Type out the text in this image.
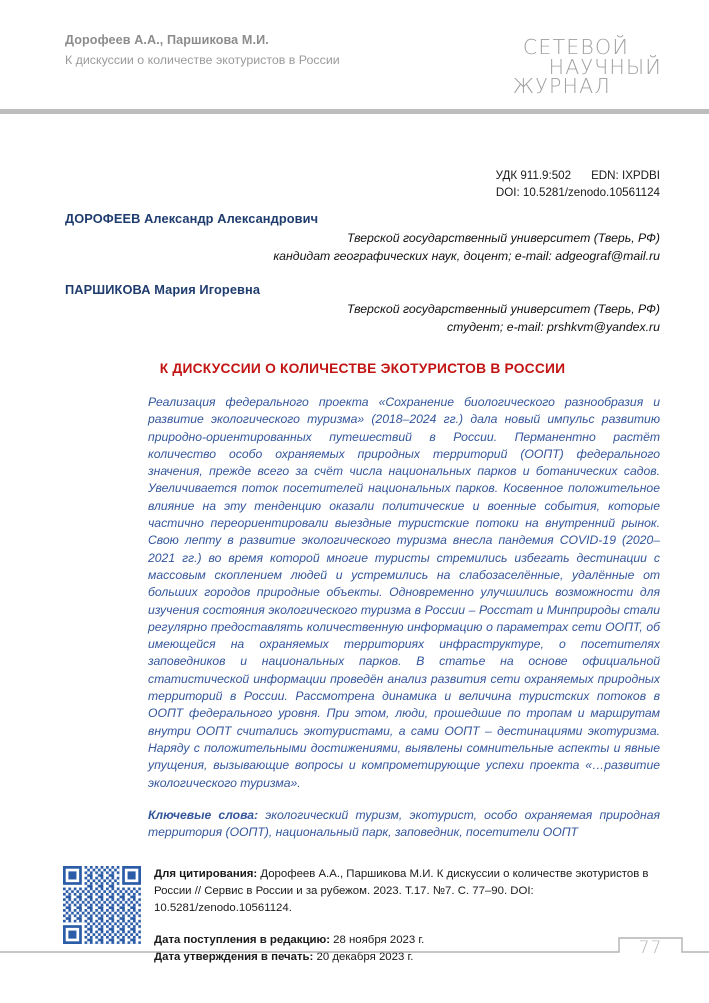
Дорофеев А.А., Паршикова М.И.
К дискуссии о количестве экотуристов в России
СЕТЕВОЙ
НАУЧНЫЙ
ЖУРНАЛ
УДК 911.9:502 EDN: IXPDBI
DOI: 10.5281/zenodo.10561124
ДОРОФЕЕВ Александр Александрович
Тверской государственный университет (Тверь, РФ)
кандидат географических наук, доцент; e-mail: adgeograf@mail.ru
ПАРШИКОВА Мария Игоревна
Тверской государственный университет (Тверь, РФ)
студент; e-mail: prshkvm@yandex.ru
К ДИСКУССИИ О КОЛИЧЕСТВЕ ЭКОТУРИСТОВ В РОССИИ
Реализация федерального проекта «Сохранение биологического разнообразия и развитие экологического туризма» (2018–2024 гг.) дала новый импульс развитию природно-ориентированных путешествий в России. Перманентно растёт количество особо охраняемых природных территорий (ООПТ) федерального значения, прежде всего за счёт числа национальных парков и ботанических садов. Увеличивается поток посетителей национальных парков. Косвенное положительное влияние на эту тенденцию оказали политические и военные события, которые частично переориентировали выездные туристские потоки на внутренний рынок. Свою лепту в развитие экологического туризма внесла пандемия COVID-19 (2020–2021 гг.) во время которой многие туристы стремились избегать дестинации с массовым скоплением людей и устремились на слабозаселённые, удалённые от больших городов природные объекты. Одновременно улучшились возможности для изучения состояния экологического туризма в России – Росстат и Минприроды стали регулярно предоставлять количественную информацию о параметрах сети ООПТ, об имеющейся на охраняемых территориях инфраструктуре, о посетителях заповедников и национальных парков. В статье на основе официальной статистической информации проведён анализ развития сети охраняемых природных территорий в России. Рассмотрена динамика и величина туристских потоков в ООПТ федерального уровня. При этом, люди, прошедшие по тропам и маршрутам внутри ООПТ считались экотуристами, а сами ООПТ – дестинациями экотуризма. Наряду с положительными достижениями, выявлены сомнительные аспекты и явные упущения, вызывающие вопросы и компрометирующие успехи проекта «…развитие экологического туризма».
Ключевые слова: экологический туризм, экотурист, особо охраняемая природная территория (ООПТ), национальный парк, заповедник, посетители ООПТ
Для цитирования: Дорофеев А.А., Паршикова М.И. К дискуссии о количестве экотуристов в России // Сервис в России и за рубежом. 2023. Т.17. №7. С. 77–90. DOI: 10.5281/zenodo.10561124.
Дата поступления в редакцию: 28 ноября 2023 г.
Дата утверждения в печать: 20 декабря 2023 г.	77
